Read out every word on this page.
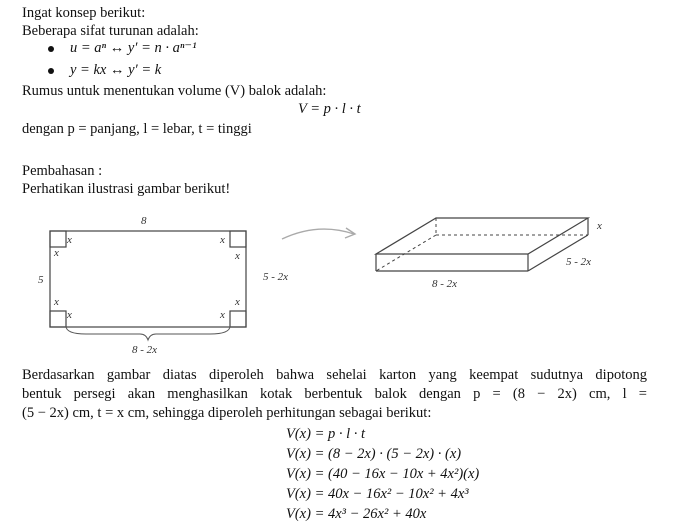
Ingat konsep berikut:
Beberapa sifat turunan adalah:
u = aⁿ ↔ y′ = n · aⁿ⁻¹
y = kx ↔ y′ = k
Rumus untuk menentukan volume (V) balok adalah:
V = p · l · t
dengan p = panjang, l = lebar, t = tinggi
Pembahasan :
Perhatikan ilustrasi gambar berikut!
8
5
x
x
x
x
x
x
x
x
5 - 2x
8 - 2x
x
5 - 2x
8 - 2x
Berdasarkan gambar diatas diperoleh bahwa sehelai karton yang keempat sudutnya dipotong
bentuk persegi akan menghasilkan kotak berbentuk balok dengan p = (8 − 2x) cm, l =
(5 − 2x) cm, t = x cm, sehingga diperoleh perhitungan sebagai berikut:
V(x) = p · l · t
V(x) = (8 − 2x) · (5 − 2x) · (x)
V(x) = (40 − 16x − 10x + 4x²)(x)
V(x) = 40x − 16x² − 10x² + 4x³
V(x) = 4x³ − 26x² + 40x
